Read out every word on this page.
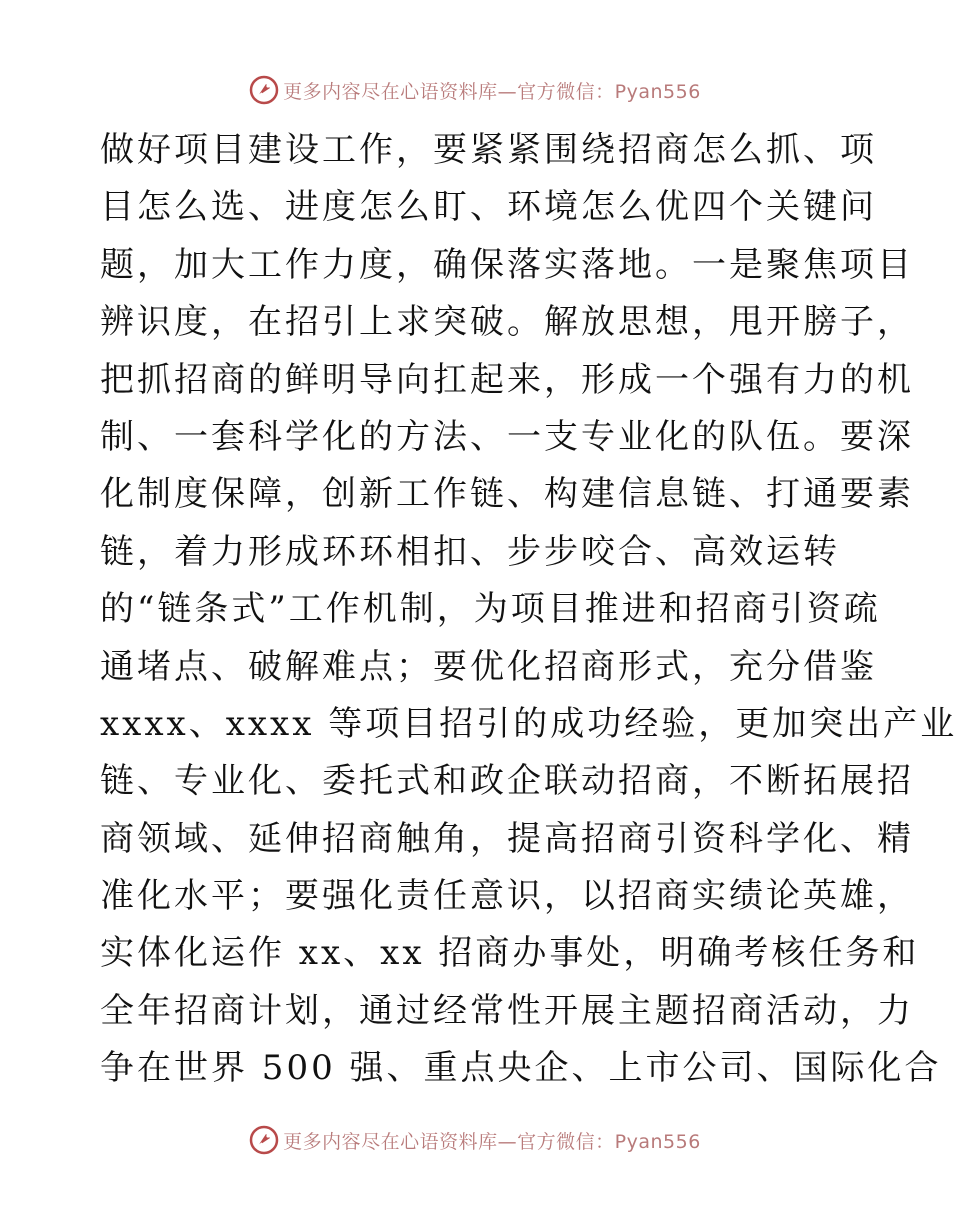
更多内容尽在心语资料库—官方微信：Pyan556
做好项目建设工作，要紧紧围绕招商怎么抓、项
目怎么选、进度怎么盯、环境怎么优四个关键问
题，加大工作力度，确保落实落地。一是聚焦项目
辨识度，在招引上求突破。解放思想，甩开膀子，
把抓招商的鲜明导向扛起来，形成一个强有力的机
制、一套科学化的方法、一支专业化的队伍。要深
化制度保障，创新工作链、构建信息链、打通要素
链，着力形成环环相扣、步步咬合、高效运转
的“链条式”工作机制，为项目推进和招商引资疏
通堵点、破解难点；要优化招商形式，充分借鉴
xxxx、xxxx 等项目招引的成功经验，更加突出产业
链、专业化、委托式和政企联动招商，不断拓展招
商领域、延伸招商触角，提高招商引资科学化、精
准化水平；要强化责任意识，以招商实绩论英雄，
实体化运作 xx、xx 招商办事处，明确考核任务和
全年招商计划，通过经常性开展主题招商活动，力
争在世界 500 强、重点央企、上市公司、国际化合
更多内容尽在心语资料库—官方微信：Pyan556
